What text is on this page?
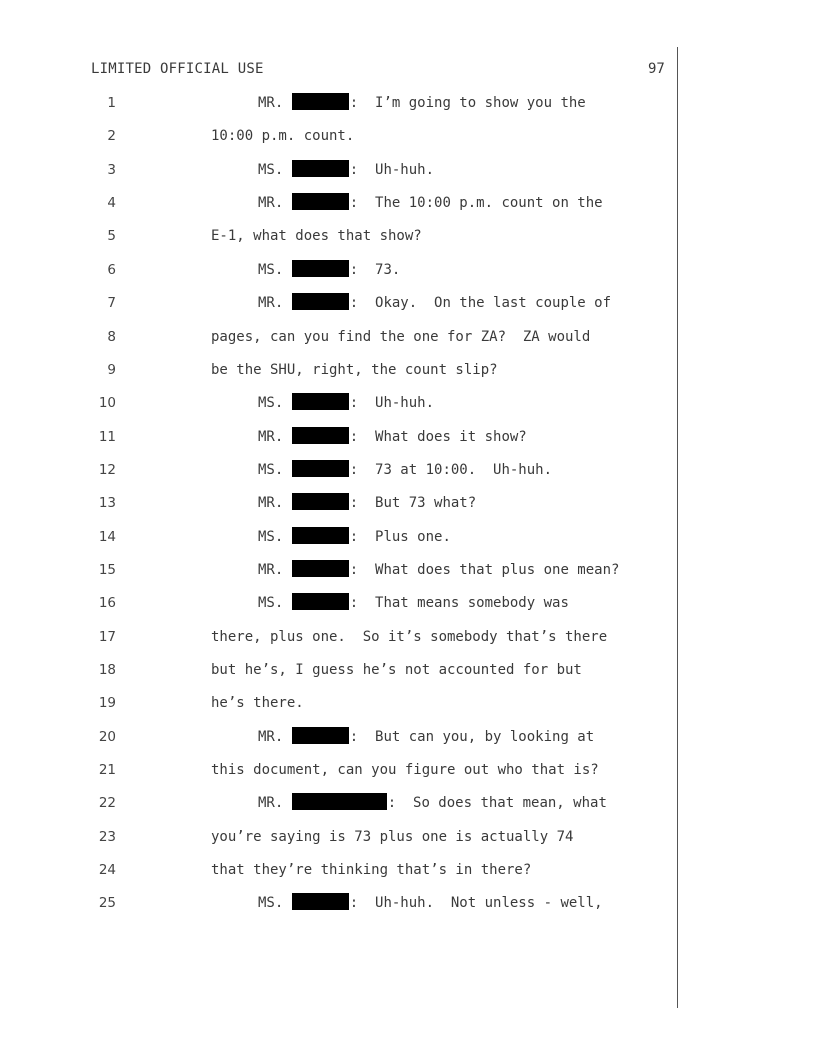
LIMITED OFFICIAL USE	97
1	MR.	:  I’m going to show you the
2	10:00 p.m. count.
3	MS.	:  Uh-huh.
4	MR.	:  The 10:00 p.m. count on the
5	E-1, what does that show?
6	MS.	:  73.
7	MR.	:  Okay.  On the last couple of
8	pages, can you find the one for ZA?  ZA would
9	be the SHU, right, the count slip?
10	MS.	:  Uh-huh.
11	MR.	:  What does it show?
12	MS.	:  73 at 10:00.  Uh-huh.
13	MR.	:  But 73 what?
14	MS.	:  Plus one.
15	MR.	:  What does that plus one mean?
16	MS.	:  That means somebody was
17	there, plus one.  So it’s somebody that’s there
18	but he’s, I guess he’s not accounted for but
19	he’s there.
20	MR.	:  But can you, by looking at
21	this document, can you figure out who that is?
22	MR.	:  So does that mean, what
23	you’re saying is 73 plus one is actually 74
24	that they’re thinking that’s in there?
25	MS.	:  Uh-huh.  Not unless - well,
